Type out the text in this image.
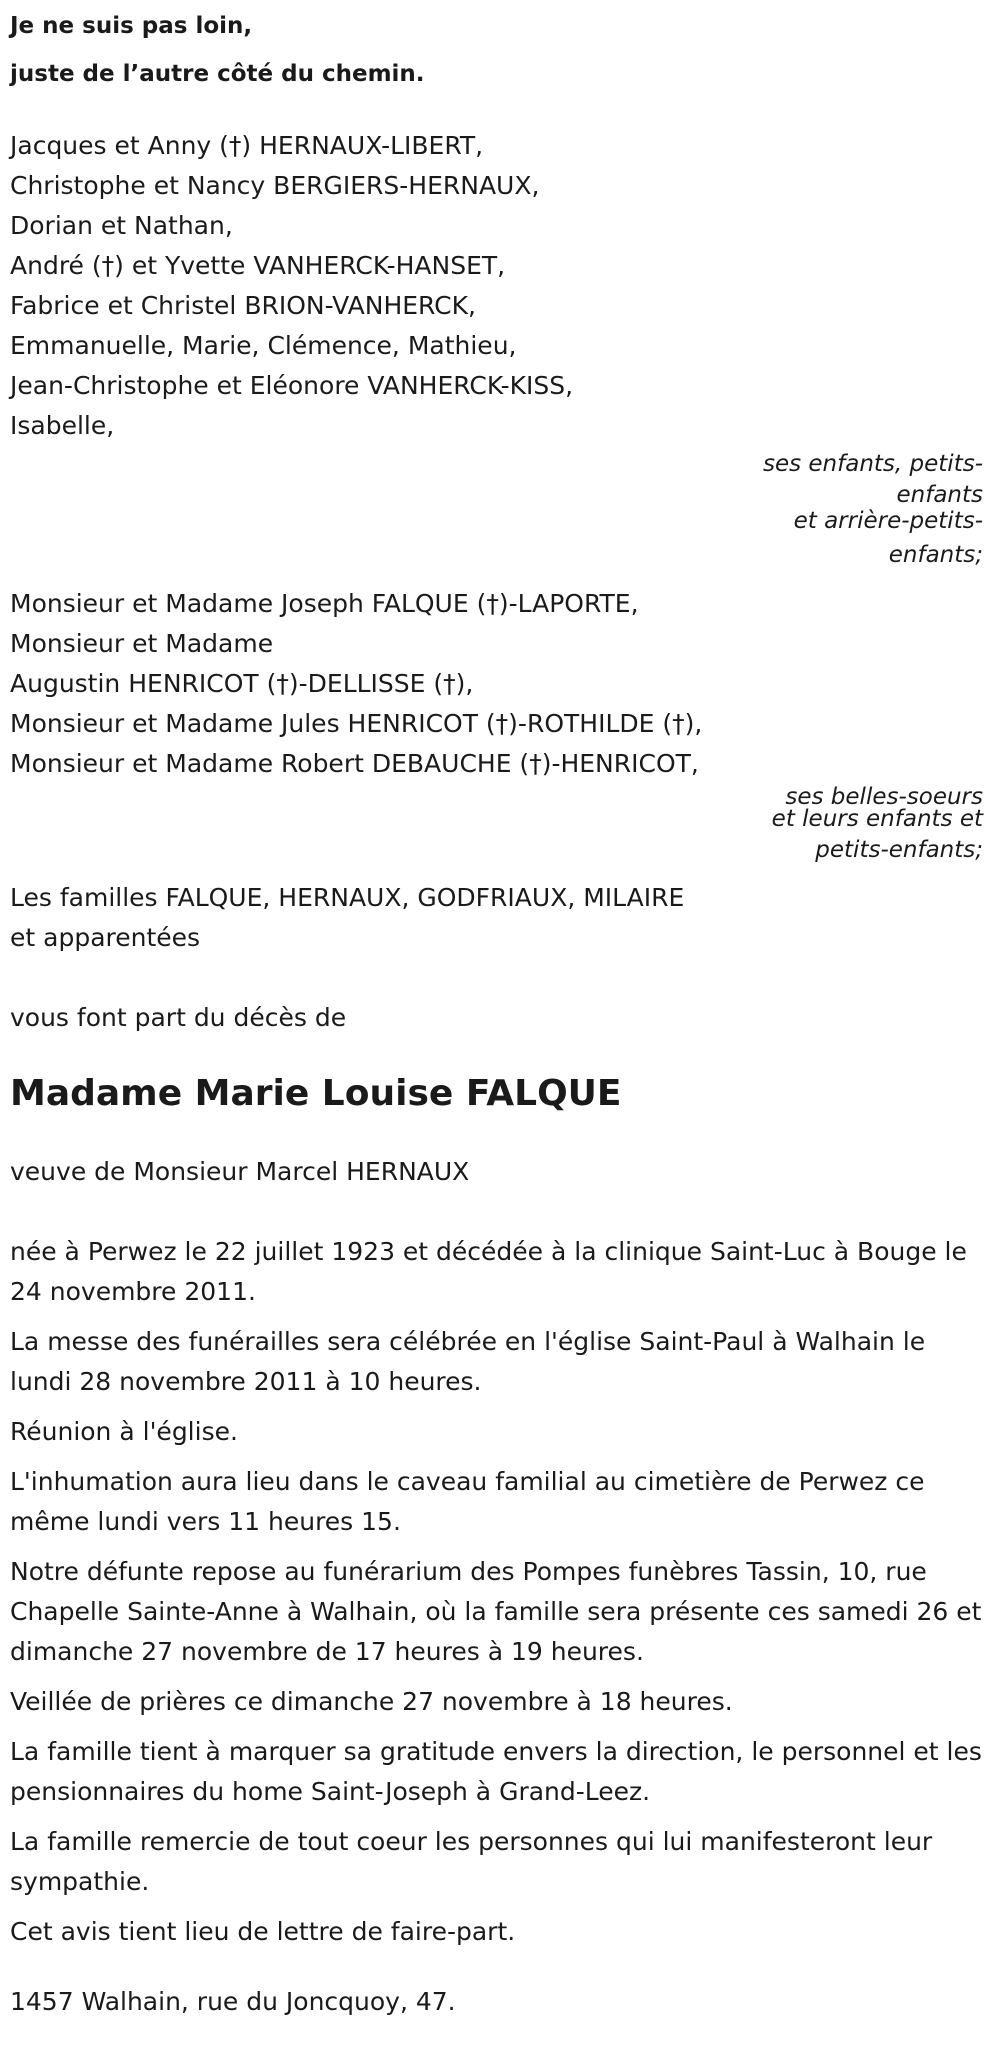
Je ne suis pas loin,
juste de l’autre côté du chemin.
Jacques et Anny (†) HERNAUX-LIBERT,
Christophe et Nancy BERGIERS-HERNAUX,
Dorian et Nathan,
André (†) et Yvette VANHERCK-HANSET,
Fabrice et Christel BRION-VANHERCK,
Emmanuelle, Marie, Clémence, Mathieu,
Jean-Christophe et Eléonore VANHERCK-KISS,
Isabelle,
ses enfants, petits-
enfants
et arrière-petits-
enfants;
Monsieur et Madame Joseph FALQUE (†)-LAPORTE,
Monsieur et Madame
Augustin HENRICOT (†)-DELLISSE (†),
Monsieur et Madame Jules HENRICOT (†)-ROTHILDE (†),
Monsieur et Madame Robert DEBAUCHE (†)-HENRICOT,
ses belles-soeurs
et leurs enfants et
petits-enfants;
Les familles FALQUE, HERNAUX, GODFRIAUX, MILAIRE
et apparentées
vous font part du décès de
Madame Marie Louise FALQUE
veuve de Monsieur Marcel HERNAUX

née à Perwez le 22 juillet 1923 et décédée à la clinique Saint-Luc à Bouge le 24 novembre 2011.

La messe des funérailles sera célébrée en l'église Saint-Paul à Walhain le lundi 28 novembre 2011 à 10 heures.

Réunion à l'église.

L'inhumation aura lieu dans le caveau familial au cimetière de Perwez ce même lundi vers 11 heures 15.

Notre défunte repose au funérarium des Pompes funèbres Tassin, 10, rue Chapelle Sainte-Anne à Walhain, où la famille sera présente ces samedi 26 et dimanche 27 novembre de 17 heures à 19 heures.

Veillée de prières ce dimanche 27 novembre à 18 heures.

La famille tient à marquer sa gratitude envers la direction, le personnel et les pensionnaires du home Saint-Joseph à Grand-Leez.

La famille remercie de tout coeur les personnes qui lui manifesteront leur sympathie.

Cet avis tient lieu de lettre de faire-part.

1457 Walhain, rue du Joncquoy, 47.
